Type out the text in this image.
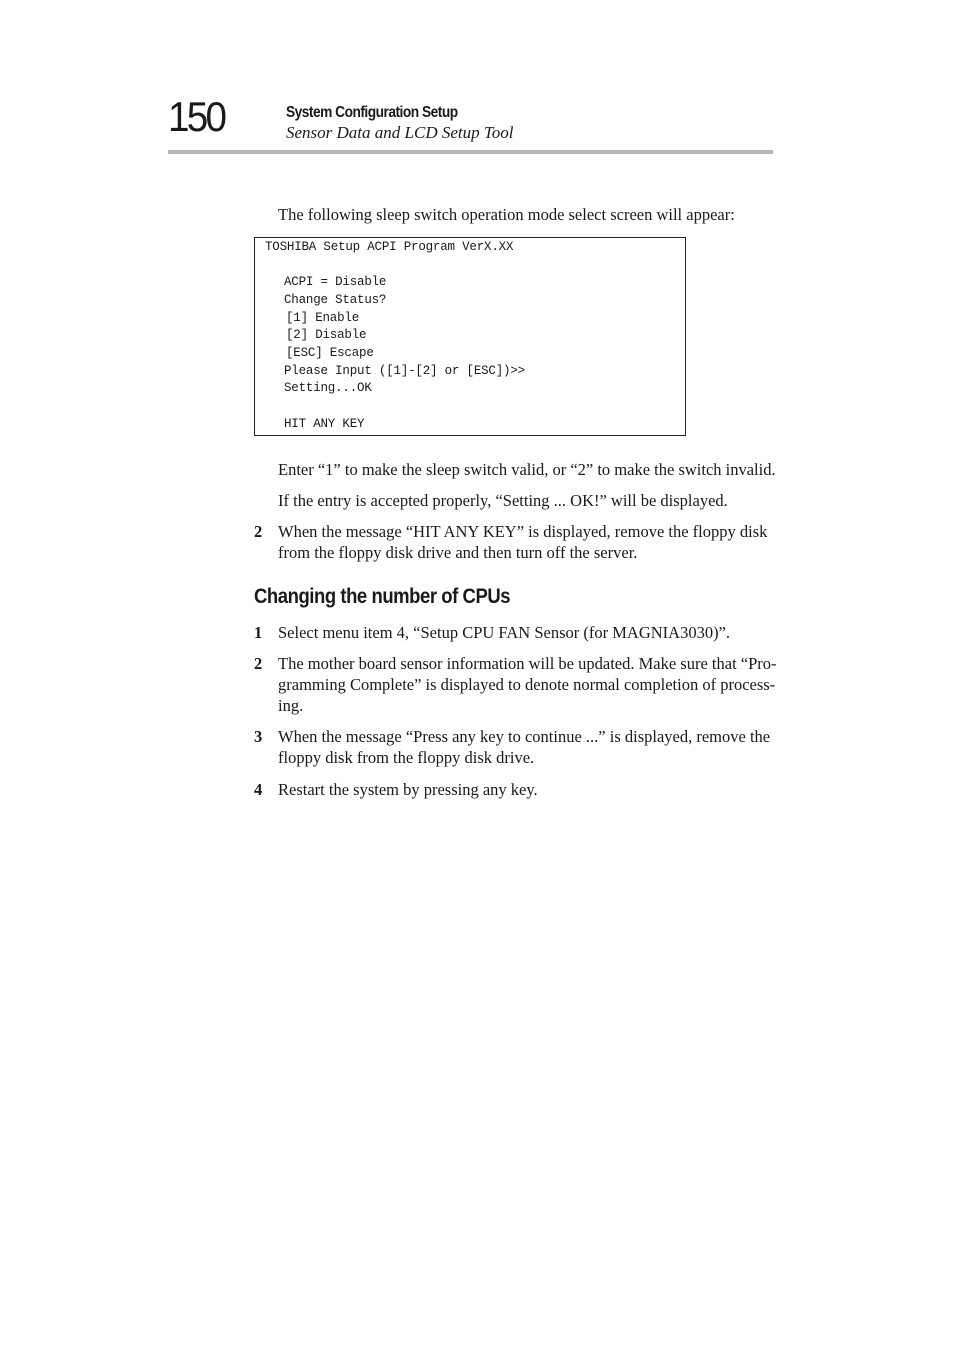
150	System Configuration Setup
Sensor Data and LCD Setup Tool
The following sleep switch operation mode select screen will appear:
TOSHIBA Setup ACPI Program VerX.XX
ACPI = Disable
Change Status?
[1] Enable
[2] Disable
[ESC] Escape
Please Input ([1]-[2] or [ESC])>>
Setting...OK
HIT ANY KEY
Enter “1” to make the sleep switch valid, or “2” to make the switch invalid.
If the entry is accepted properly, “Setting ... OK!” will be displayed.
2 When the message “HIT ANY KEY” is displayed, remove the floppy disk
from the floppy disk drive and then turn off the server.
Changing the number of CPUs
1 Select menu item 4, “Setup CPU FAN Sensor (for MAGNIA3030)”.
2 The mother board sensor information will be updated. Make sure that “Pro-
gramming Complete” is displayed to denote normal completion of process-
ing.
3 When the message “Press any key to continue ...” is displayed, remove the
floppy disk from the floppy disk drive.
4 Restart the system by pressing any key.
